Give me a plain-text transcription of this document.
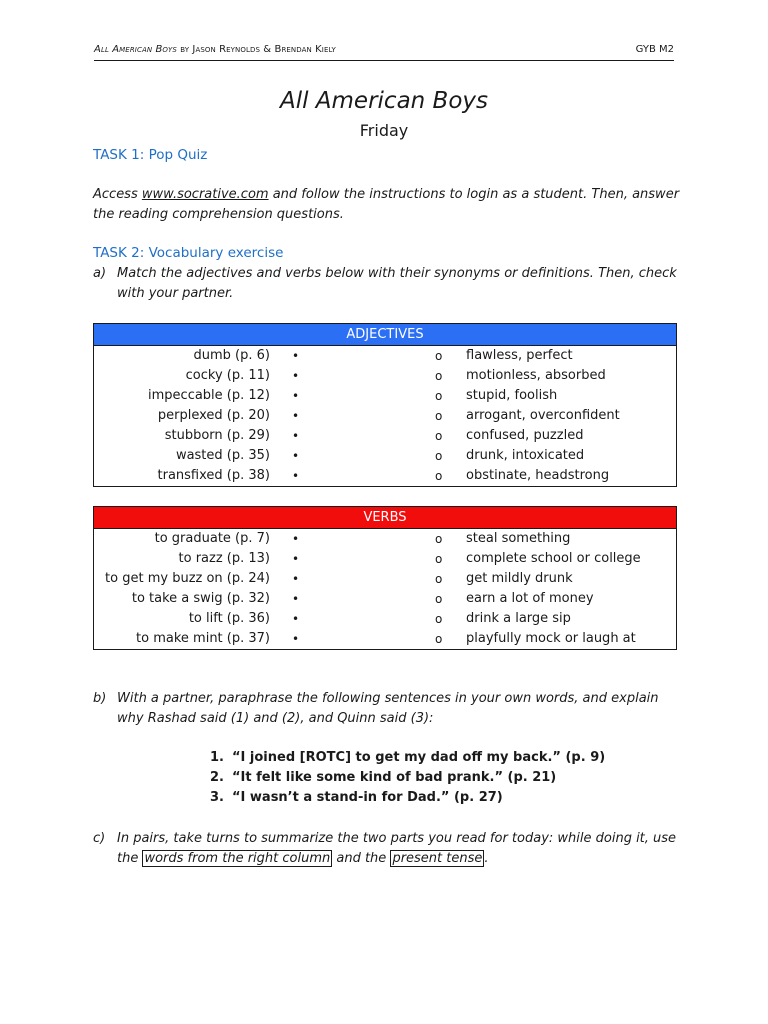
All American Boys by Jason Reynolds & Brendan Kiely	GYB M2
All American Boys
Friday
TASK 1: Pop Quiz
Access www.socrative.com and follow the instructions to login as a student. Then, answer the reading comprehension questions.
TASK 2: Vocabulary exercise
a) Match the adjectives and verbs below with their synonyms or definitions. Then, check with your partner.
ADJECTIVES
dumb (p. 6) •	o flawless, perfect
cocky (p. 11) •	o motionless, absorbed
impeccable (p. 12) •	o stupid, foolish
perplexed (p. 20) •	o arrogant, overconfident
stubborn (p. 29) •	o confused, puzzled
wasted (p. 35) •	o drunk, intoxicated
transfixed (p. 38) •	o obstinate, headstrong
VERBS
to graduate (p. 7) •	o steal something
to razz (p. 13) •	o complete school or college
to get my buzz on (p. 24) •	o get mildly drunk
to take a swig (p. 32) •	o earn a lot of money
to lift (p. 36) •	o drink a large sip
to make mint (p. 37) •	o playfully mock or laugh at
b) With a partner, paraphrase the following sentences in your own words, and explain why Rashad said (1) and (2), and Quinn said (3):
1. “I joined [ROTC] to get my dad off my back.” (p. 9)
2. “It felt like some kind of bad prank.” (p. 21)
3. “I wasn’t a stand-in for Dad.” (p. 27)
c) In pairs, take turns to summarize the two parts you read for today: while doing it, use the words from the right column and the present tense .
